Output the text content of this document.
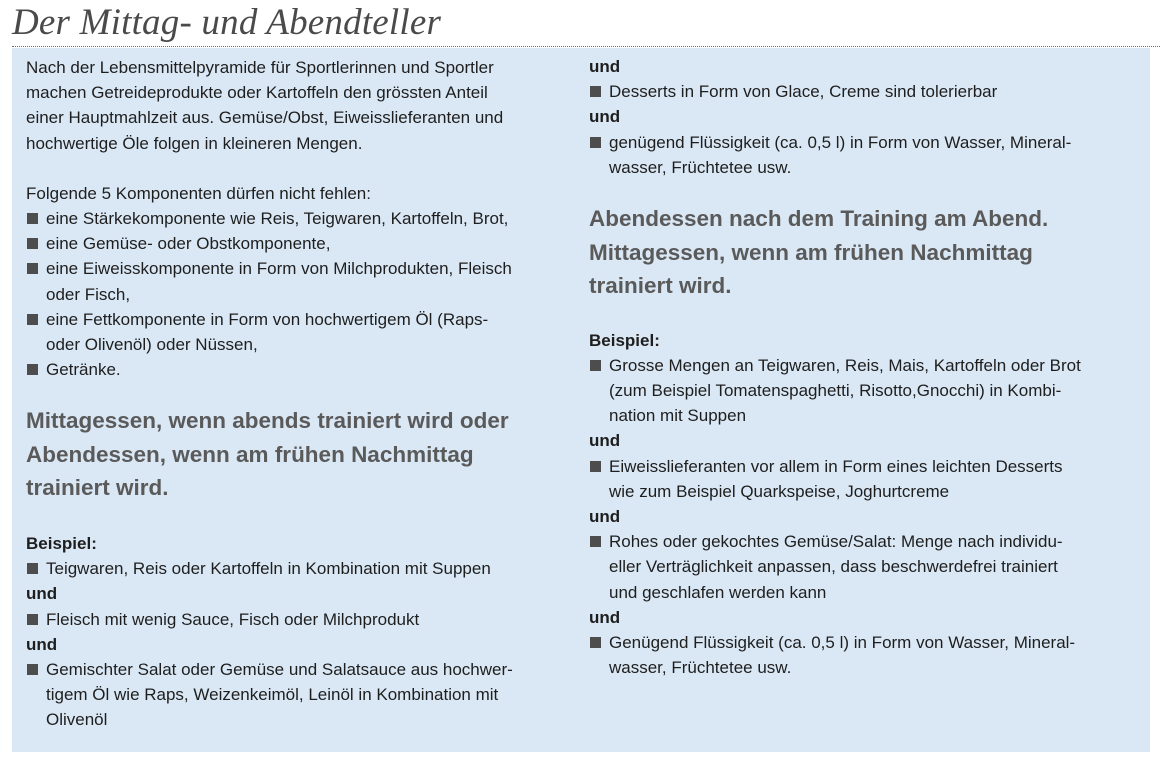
Der Mittag- und Abendteller

Nach der Lebensmittelpyramide für Sportlerinnen und Sportler
machen Getreideprodukte oder Kartoffeln den grössten Anteil
einer Hauptmahlzeit aus. Gemüse/Obst, Eiweisslieferanten und
hochwertige Öle folgen in kleineren Mengen.

Folgende 5 Komponenten dürfen nicht fehlen:

eine Stärkekomponente wie Reis, Teigwaren, Kartoffeln, Brot,
eine Gemüse- oder Obstkomponente,
eine Eiweisskomponente in Form von Milchprodukten, Fleisch
oder Fisch,
eine Fettkomponente in Form von hochwertigem Öl (Raps-
oder Olivenöl) oder Nüssen,
Getränke.
Mittagessen, wenn abends trainiert wird oder
Abendessen, wenn am frühen Nachmittag
trainiert wird.

Beispiel:

Teigwaren, Reis oder Kartoffeln in Kombination mit Suppen

und

Fleisch mit wenig Sauce, Fisch oder Milchprodukt

und

Gemischter Salat oder Gemüse und Salatsauce aus hochwer-
tigem Öl wie Raps, Weizenkeimöl, Leinöl in Kombination mit
Olivenöl

und

Desserts in Form von Glace, Creme sind tolerierbar

und

genügend Flüssigkeit (ca. 0,5 l) in Form von Wasser, Mineral-
wasser, Früchtetee usw.
Abendessen nach dem Training am Abend.
Mittagessen, wenn am frühen Nachmittag
trainiert wird.

Beispiel:

Grosse Mengen an Teigwaren, Reis, Mais, Kartoffeln oder Brot
(zum Beispiel Tomatenspaghetti, Risotto,Gnocchi) in Kombi-
nation mit Suppen

und

Eiweisslieferanten vor allem in Form eines leichten Desserts
wie zum Beispiel Quarkspeise, Joghurtcreme

und

Rohes oder gekochtes Gemüse/Salat: Menge nach individu-
eller Verträglichkeit anpassen, dass beschwerdefrei trainiert
und geschlafen werden kann

und

Genügend Flüssigkeit (ca. 0,5 l) in Form von Wasser, Mineral-
wasser, Früchtetee usw.
